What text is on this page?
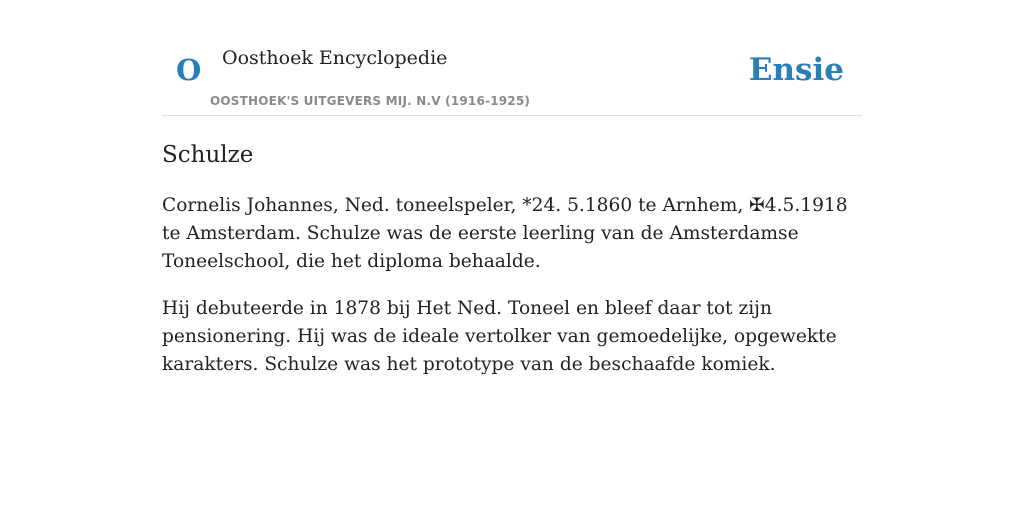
O Oosthoek Encyclopedie	Ensie
OOSTHOEK'S UITGEVERS MIJ. N.V (1916-1925)
Schulze

Cornelis Johannes, Ned. toneelspeler, *24. 5.1860 te Arnhem, ✠4.5.1918 te Amsterdam. Schulze was de eerste leerling van de Amsterdamse Toneelschool, die het diploma behaalde.

Hij debuteerde in 1878 bij Het Ned. Toneel en bleef daar tot zijn pensionering. Hij was de ideale vertolker van gemoedelijke, opgewekte karakters. Schulze was het prototype van de beschaafde komiek.
